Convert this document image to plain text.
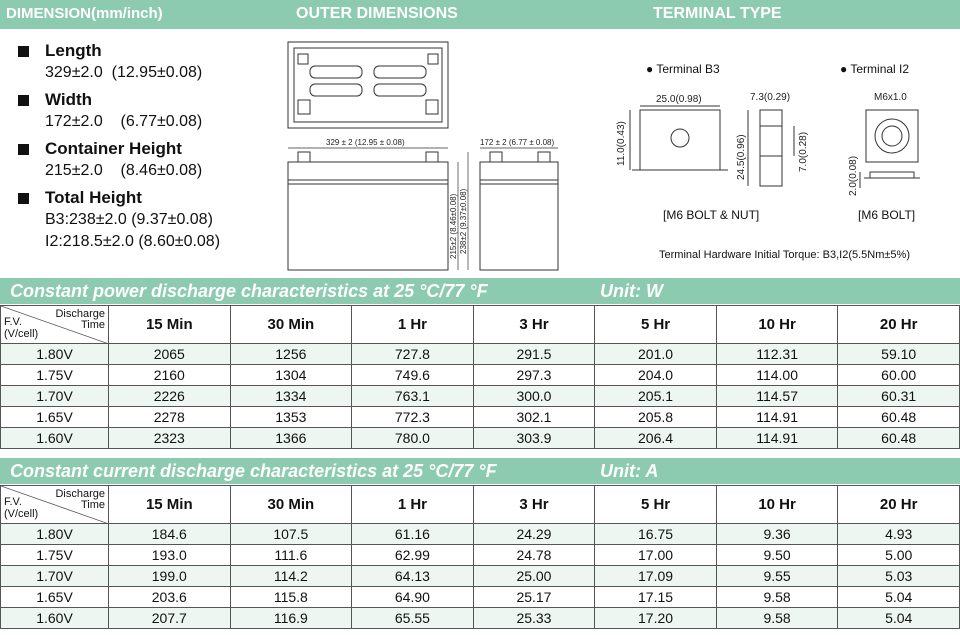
DIMENSION(mm/inch)	OUTER DIMENSIONS	TERMINAL TYPE
Length
329±2.0 (12.95±0.08)
Width
172±2.0 (6.77±0.08)
Container Height
215±2.0 (8.46±0.08)
Total Height
B3:238±2.0 (9.37±0.08)
I2:218.5±2.0 (8.60±0.08)
329 ± 2 (12.95 ± 0.08)
215±2 (8.46±0.08) 238±2 (9.37±0.08)
172 ± 2 (6.77 ± 0.08)
● Terminal B3	● Terminal I2
25.0(0.98)	7.3(0.29)
11.0(0.43)	24.5(0.96)	7.0(0.28)
M6x1.0
2.0(0.08)
[M6 BOLT & NUT]	[M6 BOLT]
Terminal Hardware Initial Torque: B3,I2(5.5Nm±5%)
Constant power discharge characteristics at 25 °C/77 °F	Unit: W
Discharge
Time
F.V.
(V/cell)	15 Min	30 Min	1 Hr	3 Hr	5 Hr	10 Hr	20 Hr
1.80V	2065	1256	727.8	291.5	201.0	112.31	59.10
1.75V	2160	1304	749.6	297.3	204.0	114.00	60.00
1.70V	2226	1334	763.1	300.0	205.1	114.57	60.31
1.65V	2278	1353	772.3	302.1	205.8	114.91	60.48
1.60V	2323	1366	780.0	303.9	206.4	114.91	60.48
Constant current discharge characteristics at 25 °C/77 °F	Unit: A
Discharge
Time
F.V.
(V/cell)	15 Min	30 Min	1 Hr	3 Hr	5 Hr	10 Hr	20 Hr
1.80V	184.6	107.5	61.16	24.29	16.75	9.36	4.93
1.75V	193.0	111.6	62.99	24.78	17.00	9.50	5.00
1.70V	199.0	114.2	64.13	25.00	17.09	9.55	5.03
1.65V	203.6	115.8	64.90	25.17	17.15	9.58	5.04
1.60V	207.7	116.9	65.55	25.33	17.20	9.58	5.04
